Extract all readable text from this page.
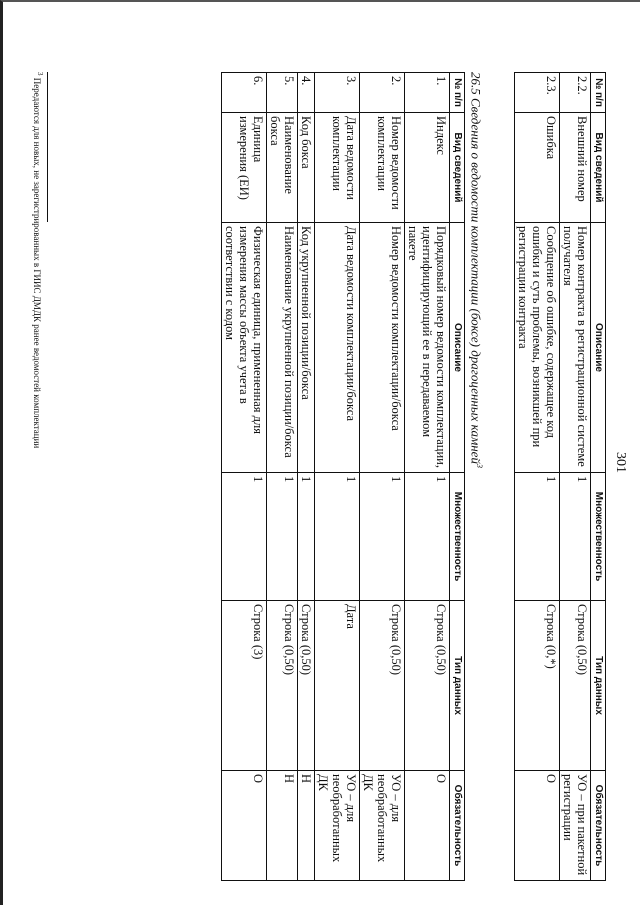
301
№ п/п	Вид сведений	Описание	Множественность	Тип данных	Обязательность
2.2.	Внешний номер	Номер контракта в регистрационной системе получателя	1	Строка (0,50)	УО – при пакетной регистрации
2.3.	Ошибка	Сообщение об ошибке, содержащее код ошибки и суть проблемы, возникшей при регистрации контракта	1	Строка (0,*)	О
26.5 Сведения о ведомости комплектации (боксе) драгоценных камней$^3$
№ п/п	Вид сведений	Описание	Множественность	Тип данных	Обязательность
1.	Индекс	Порядковый номер ведомости комплектации, идентифицирующий ее в передаваемом пакете	1	Строка (0,50)	О
2.	Номер ведомости комплектации	Номер ведомости комплектации/бокса	1	Строка (0,50)	УО – для необработанных ДК
3.	Дата ведомости комплектации	Дата ведомости комплектации/бокса	1	Дата	УО – для необработанных ДК
4.	Код бокса	Код укрупненной позиции/бокса	1	Строка (0,50)	Н
5.	Наименование бокса	Наименование укрупненной позиции/бокса	1	Строка (0,50)	Н
6.	Единица измерения (ЕИ)	Физическая единица, примененная для измерения массы объекта учета в соответствии с кодом	1	Строка (3)	О
$^3$ Передаются для новых, не зарегистрированных в ГИИС ДМДК ранее ведомостей комплектации
